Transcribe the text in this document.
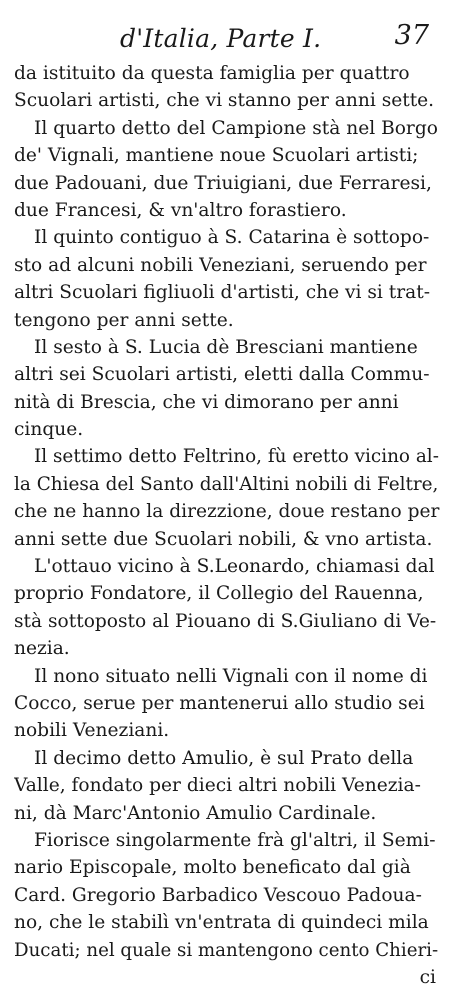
d'Italia, Parte I.	37
da istituito da questa famiglia per quattro
Scuolari artisti, che vi stanno per anni sette.
Il quarto detto del Campione stà nel Borgo
de' Vignali, mantiene noue Scuolari artisti;
due Padouani, due Triuigiani, due Ferraresi,
due Francesi, & vn'altro forastiero.
Il quinto contiguo à S. Catarina è sottopo-
sto ad alcuni nobili Veneziani, seruendo per
altri Scuolari figliuoli d'artisti, che vi si trat-
tengono per anni sette.
Il sesto à S. Lucia dè Bresciani mantiene
altri sei Scuolari artisti, eletti dalla Commu-
nità di Brescia, che vi dimorano per anni
cinque.
Il settimo detto Feltrino, fù eretto vicino al-
la Chiesa del Santo dall'Altini nobili di Feltre,
che ne hanno la direzzione, doue restano per
anni sette due Scuolari nobili, & vno artista.
L'ottauo vicino à S.Leonardo, chiamasi dal
proprio Fondatore, il Collegio del Rauenna,
stà sottoposto al Piouano di S.Giuliano di Ve-
nezia.
Il nono situato nelli Vignali con il nome di
Cocco, serue per mantenerui allo studio sei
nobili Veneziani.
Il decimo detto Amulio, è sul Prato della
Valle, fondato per dieci altri nobili Venezia-
ni, dà Marc'Antonio Amulio Cardinale.
Fiorisce singolarmente frà gl'altri, il Semi-
nario Episcopale, molto beneficato dal già
Card. Gregorio Barbadico Vescouo Padoua-
no, che le stabilì vn'entrata di quindeci mila
Ducati; nel quale si mantengono cento Chieri-
ci
